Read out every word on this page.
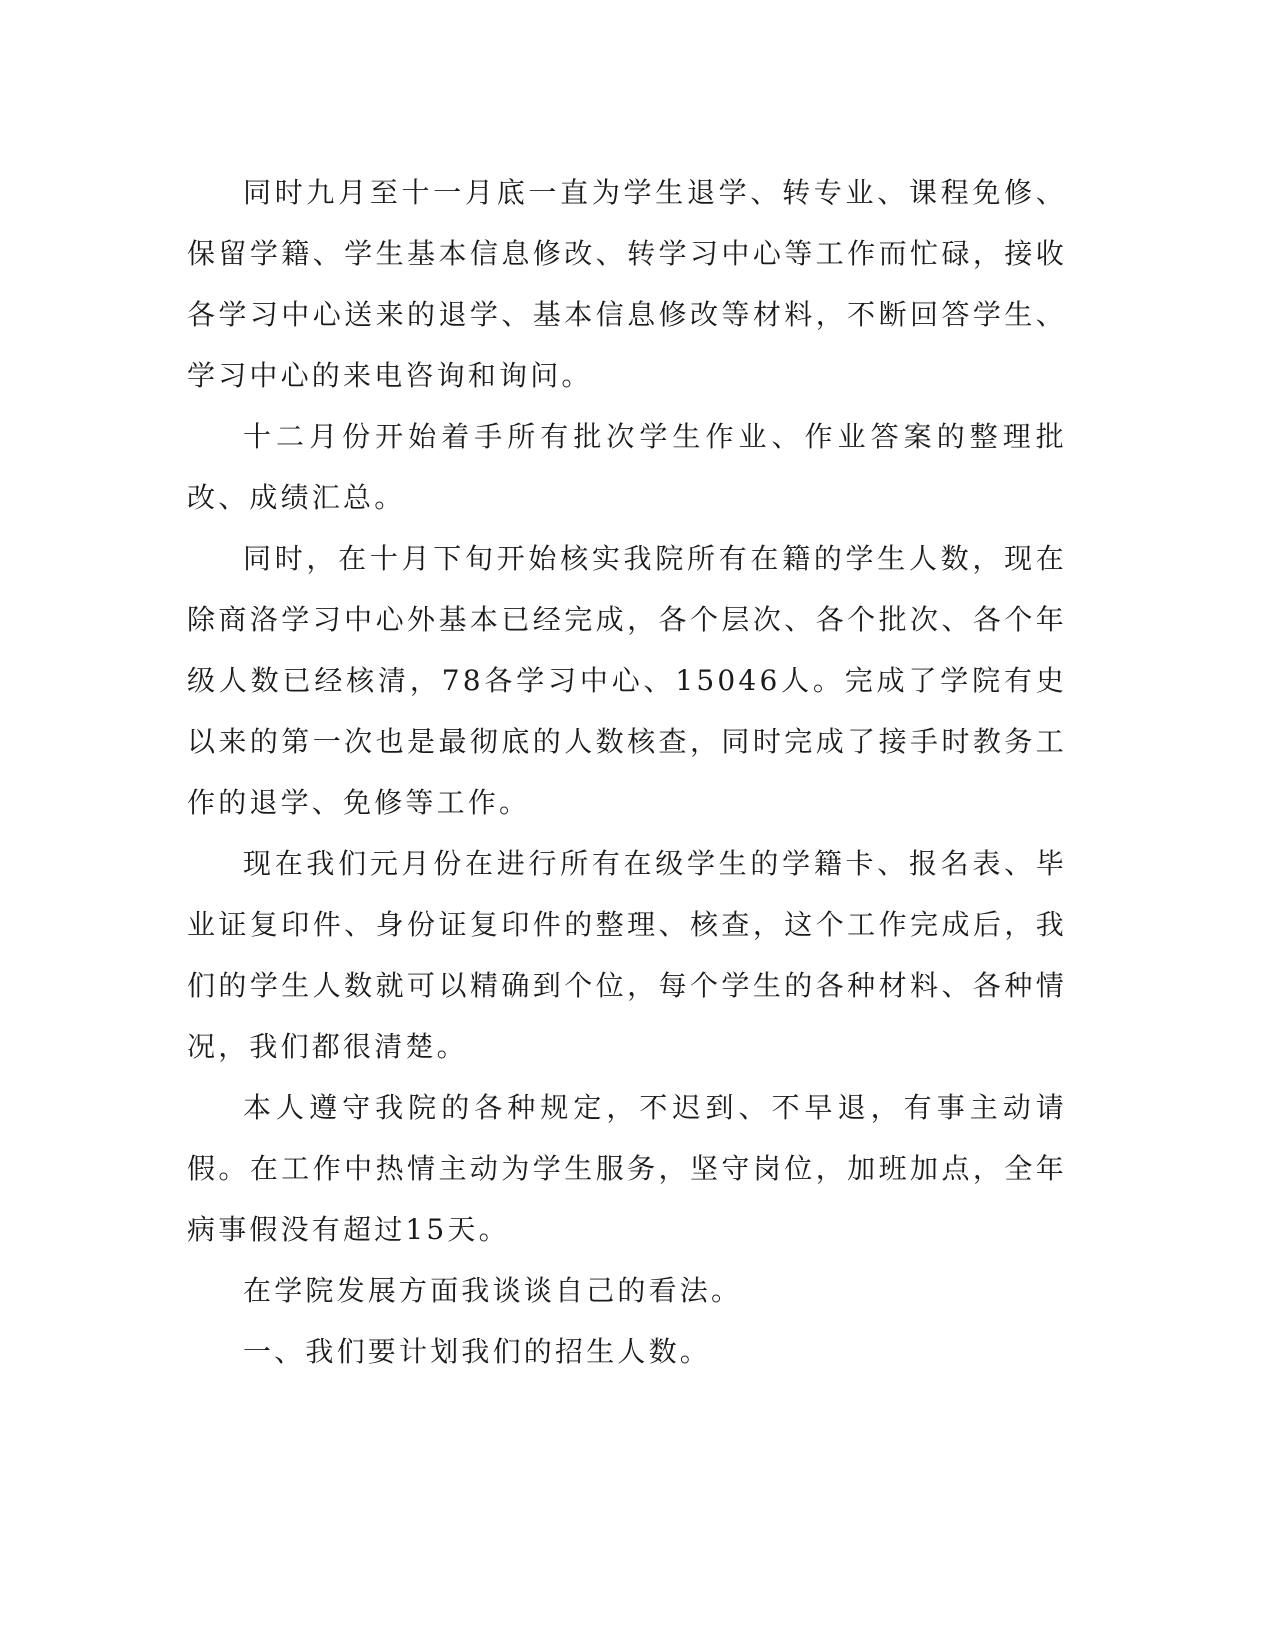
同时九月至十一月底一直为学生退学、转专业、课程免修、保留学籍、学生基本信息修改、转学习中心等工作而忙碌，接收各学习中心送来的退学、基本信息修改等材料，不断回答学生、学习中心的来电咨询和询问。

十二月份开始着手所有批次学生作业、作业答案的整理批改、成绩汇总。

同时，在十月下旬开始核实我院所有在籍的学生人数，现在除商洛学习中心外基本已经完成，各个层次、各个批次、各个年级人数已经核清，78各学习中心、15046人。完成了学院有史以来的第一次也是最彻底的人数核查，同时完成了接手时教务工作的退学、免修等工作。

现在我们元月份在进行所有在级学生的学籍卡、报名表、毕业证复印件、身份证复印件的整理、核查，这个工作完成后，我们的学生人数就可以精确到个位，每个学生的各种材料、各种情况，我们都很清楚。

本人遵守我院的各种规定，不迟到、不早退，有事主动请假。在工作中热情主动为学生服务，坚守岗位，加班加点，全年病事假没有超过15天。

在学院发展方面我谈谈自己的看法。

一、我们要计划我们的招生人数。
